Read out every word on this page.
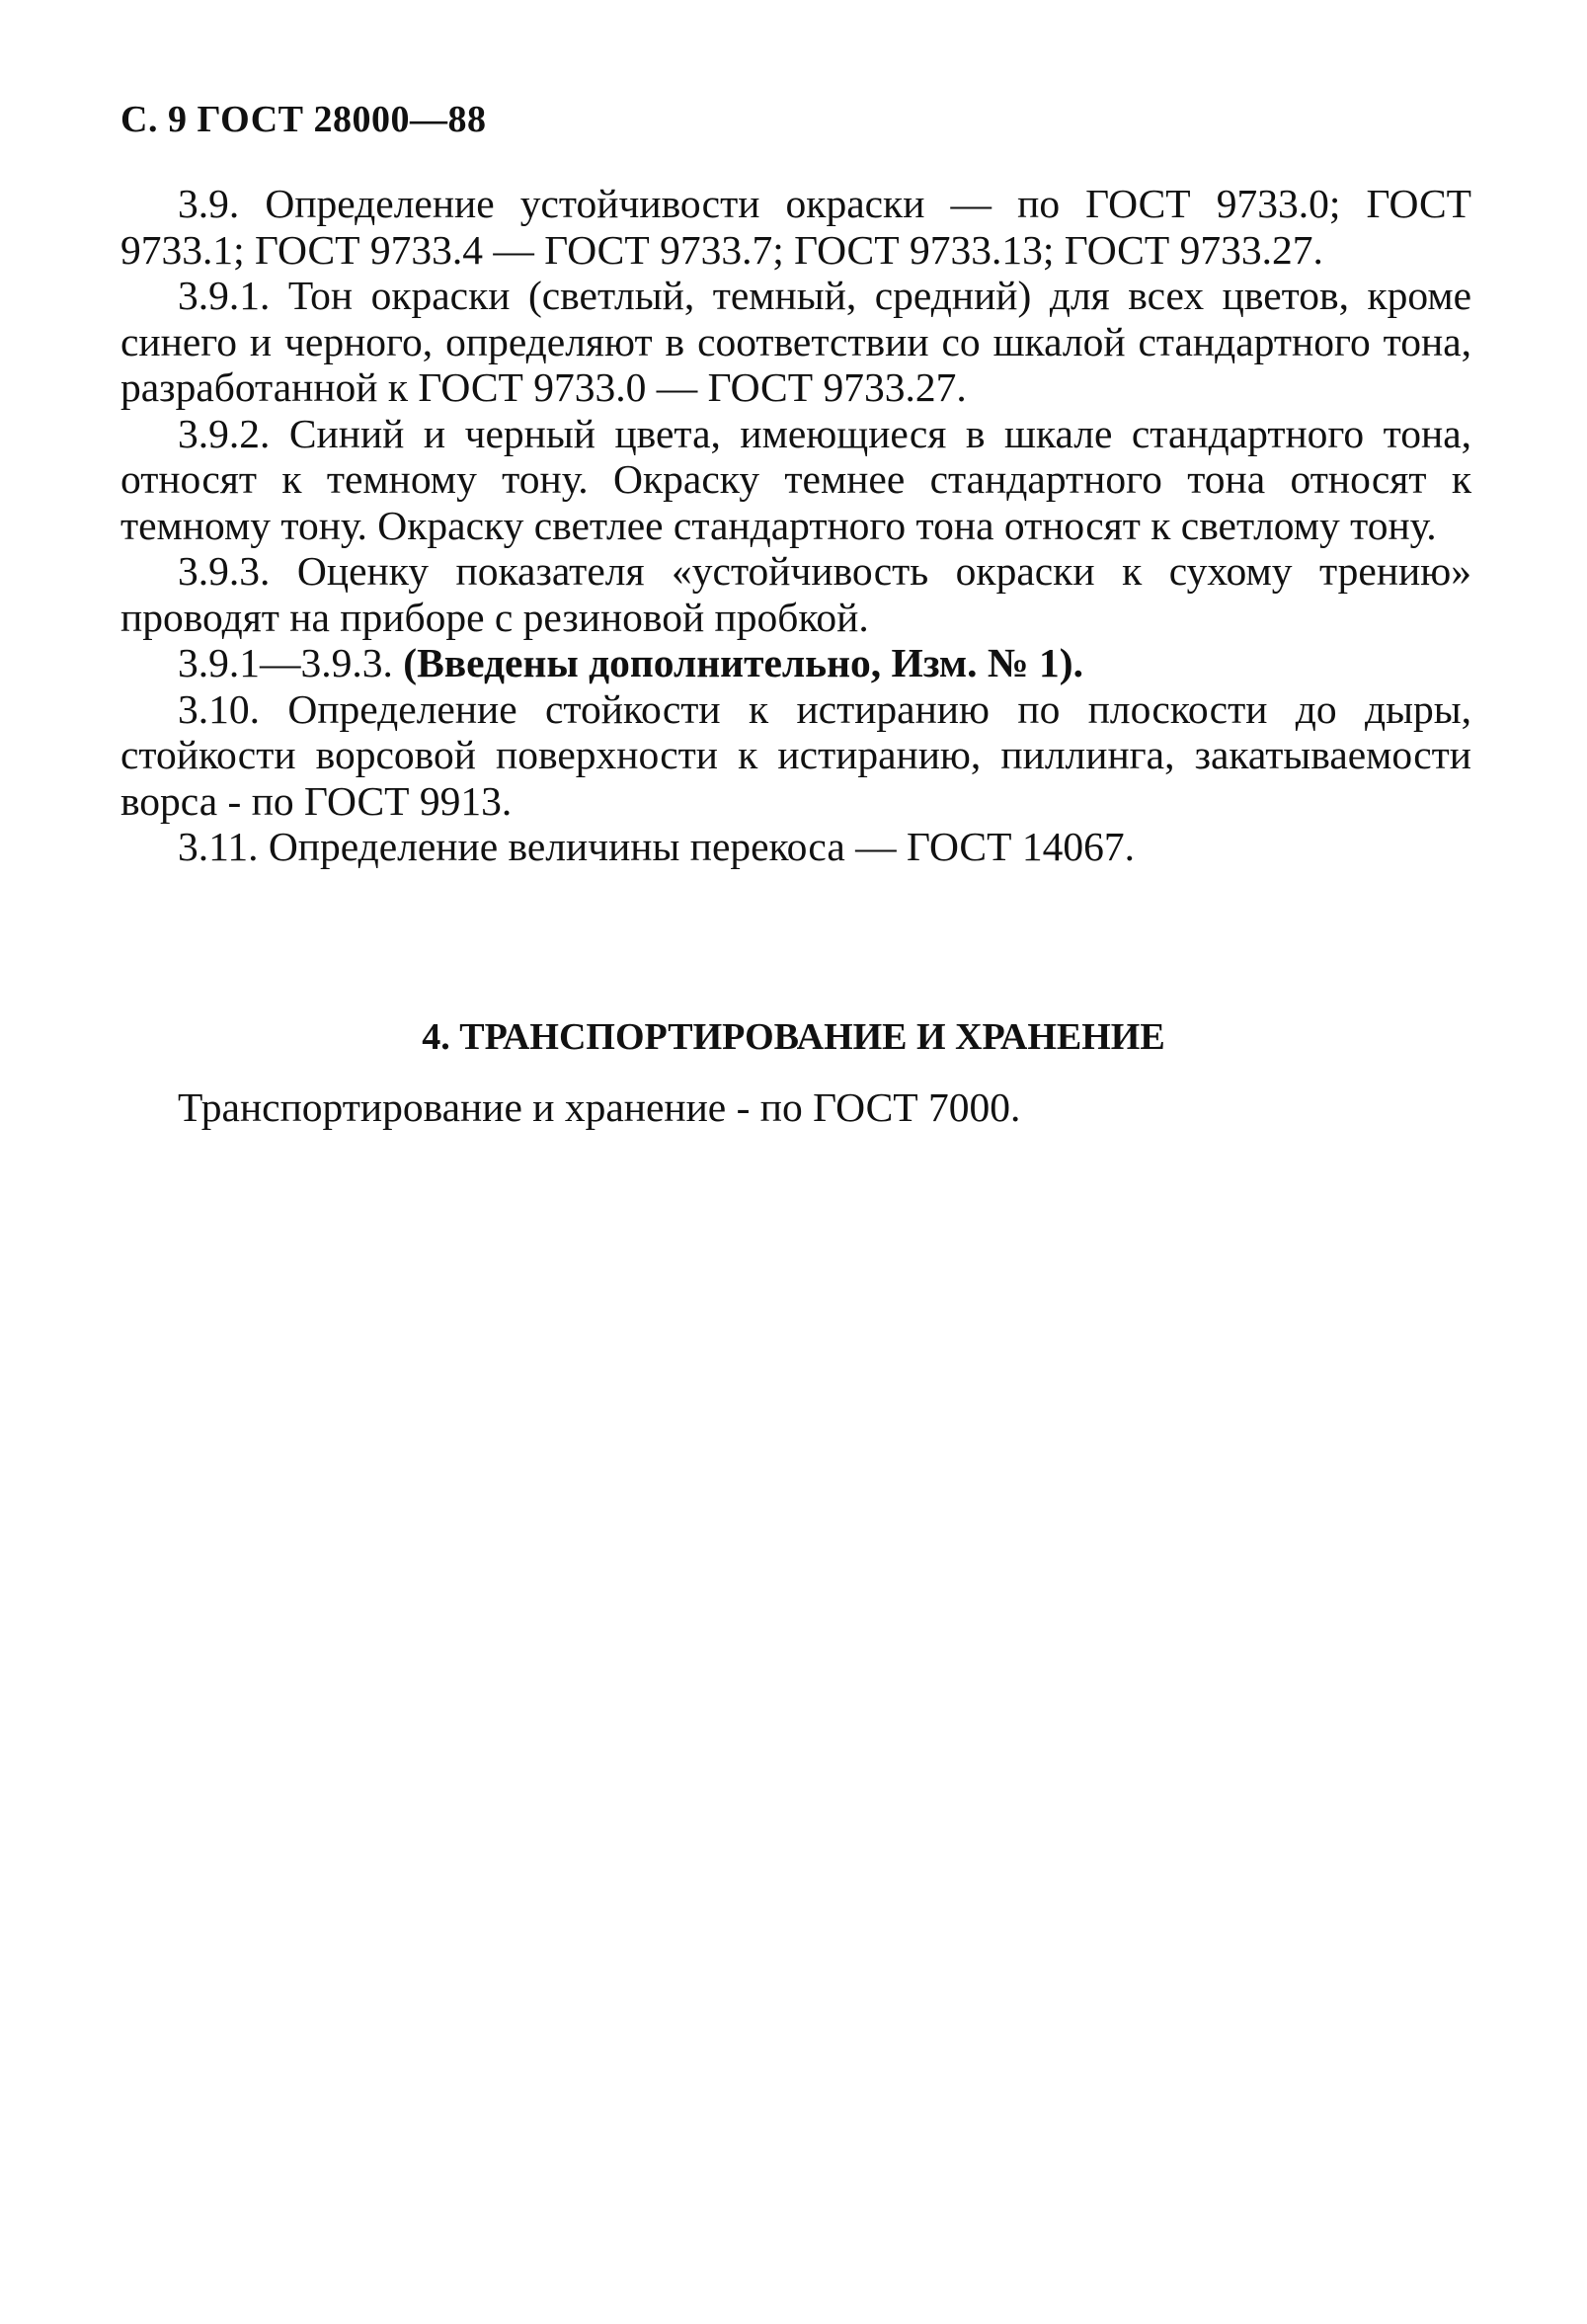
С. 9 ГОСТ 28000—88

3.9. Определение устойчивости окраски — по ГОСТ 9733.0; ГОСТ 9733.1; ГОСТ 9733.4 — ГОСТ 9733.7; ГОСТ 9733.13; ГОСТ 9733.27.

3.9.1. Тон окраски (светлый, темный, средний) для всех цветов, кроме синего и черного, определяют в соответствии со шкалой стандартного тона, разработанной к ГОСТ 9733.0 — ГОСТ 9733.27.

3.9.2. Синий и черный цвета, имеющиеся в шкале стандартного тона, относят к темному тону. Окраску темнее стандартного тона относят к темному тону. Окраску светлее стандартного тона относят к светлому тону.

3.9.3. Оценку показателя «устойчивость окраски к сухому трению» проводят на приборе с резиновой пробкой.

3.9.1—3.9.3. (Введены дополнительно, Изм. № 1).

3.10. Определение стойкости к истиранию по плоскости до дыры, стойкости ворсовой поверхности к истиранию, пиллинга, закатываемости ворса - по ГОСТ 9913.

3.11. Определение величины перекоса — ГОСТ 14067.

4. ТРАНСПОРТИРОВАНИЕ И ХРАНЕНИЕ
Транспортирование и хранение - по ГОСТ 7000.
